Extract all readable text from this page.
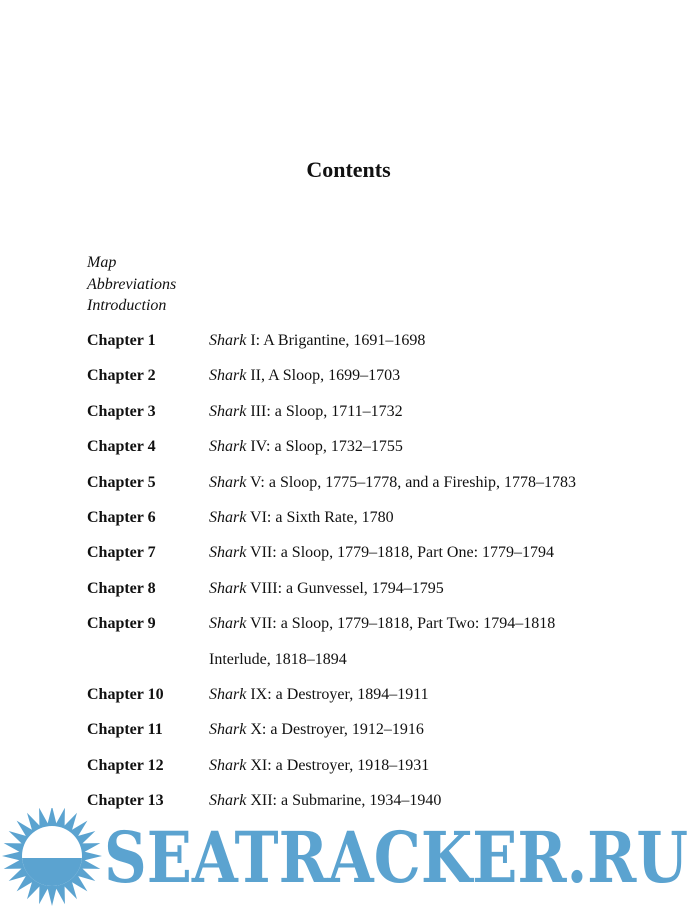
Contents
Map
Abbreviations
Introduction
Chapter 1	Shark I: A Brigantine, 1691–1698
Chapter 2	Shark II, A Sloop, 1699–1703
Chapter 3	Shark III: a Sloop, 1711–1732
Chapter 4	Shark IV: a Sloop, 1732–1755
Chapter 5	Shark V: a Sloop, 1775–1778, and a Fireship, 1778–1783
Chapter 6	Shark VI: a Sixth Rate, 1780
Chapter 7	Shark VII: a Sloop, 1779–1818, Part One: 1779–1794
Chapter 8	Shark VIII: a Gunvessel, 1794–1795
Chapter 9	Shark VII: a Sloop, 1779–1818, Part Two: 1794–1818
Interlude, 1818–1894
Chapter 10	Shark IX: a Destroyer, 1894–1911
Chapter 11	Shark X: a Destroyer, 1912–1916
Chapter 12	Shark XI: a Destroyer, 1918–1931
Chapter 13	Shark XII: a Submarine, 1934–1940
SEATRACKER.RU
